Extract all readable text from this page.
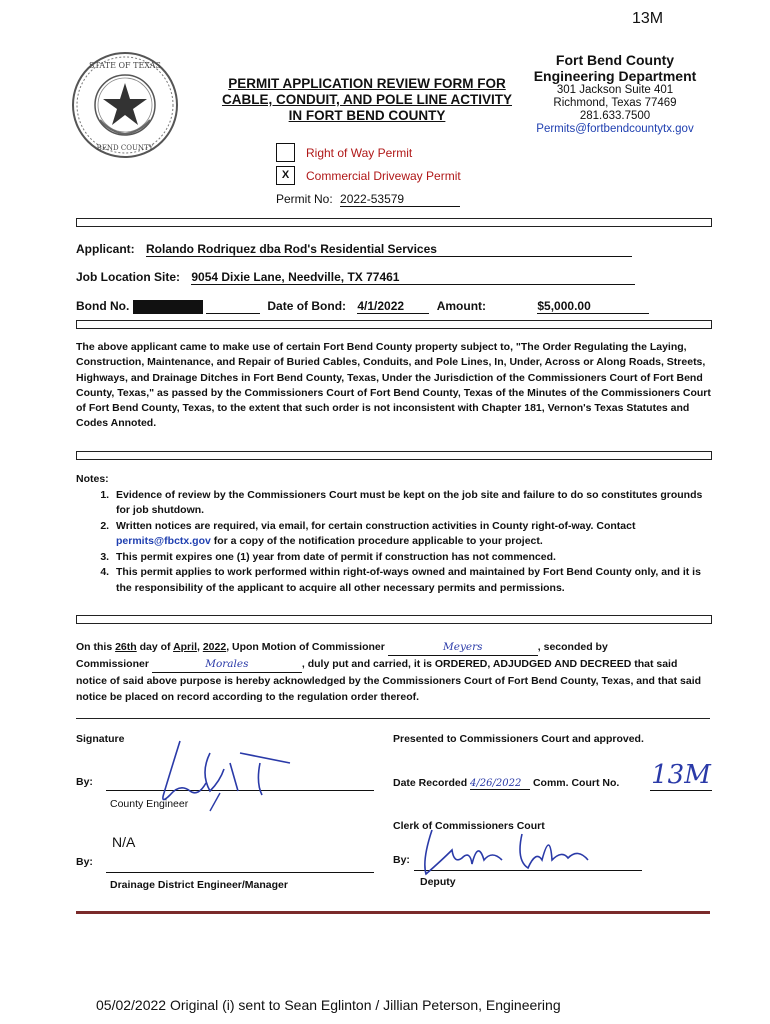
13M
STATE OF TEXAS
BEND COUNTY
PERMIT APPLICATION REVIEW FORM FOR
CABLE, CONDUIT, AND POLE LINE ACTIVITY
IN FORT BEND COUNTY
Fort Bend County
Engineering Department
301 Jackson Suite 401
Richmond, Texas 77469
281.633.7500
Permits@fortbendcountytx.gov
Right of Way Permit
X	Commercial Driveway Permit
Permit No: 2022-53579
Applicant: Rolando Rodriquez dba Rod's Residential Services
Job Location Site: 9054 Dixie Lane, Needville, TX 77461
Bond No.	Date of Bond: 4/1/2022	Amount:	$5,000.00
The above applicant came to make use of certain Fort Bend County property subject to, "The Order Regulating the Laying, Construction, Maintenance, and Repair of Buried Cables, Conduits, and Pole Lines, In, Under, Across or Along Roads, Streets, Highways, and Drainage Ditches in Fort Bend County, Texas, Under the Jurisdiction of the Commissioners Court of Fort Bend County, Texas," as passed by the Commissioners Court of Fort Bend County, Texas of the Minutes of the Commissioners Court of Fort Bend County, Texas, to the extent that such order is not inconsistent with Chapter 181, Vernon's Texas Statutes and Codes Annoted.
Notes:
1. Evidence of review by the Commissioners Court must be kept on the job site and failure to do so constitutes grounds for job shutdown.
2. Written notices are required, via email, for certain construction activities in County right-of-way. Contact permits@fbctx.gov for a copy of the notification procedure applicable to your project.
3. This permit expires one (1) year from date of permit if construction has not commenced.
4. This permit applies to work performed within right-of-ways owned and maintained by Fort Bend County only, and it is the responsibility of the applicant to acquire all other necessary permits and permissions.
On this 26th day of April, 2022, Upon Motion of Commissioner	Meyers	, seconded by
Commissioner	Morales	, duly put and carried, it is ORDERED, ADJUDGED AND DECREED that said notice of said above purpose is hereby acknowledged by the Commissioners Court of Fort Bend County, Texas, and that said notice be placed on record according to the regulation order thereof.
Signature
By:
County Engineer
N/A
By:
Drainage District Engineer/Manager
Presented to Commissioners Court and approved.
Date Recorded 4/26/2022 Comm. Court No. 13M
Clerk of Commissioners Court
By:
Deputy
05/02/2022 Original (i) sent to Sean Eglinton / Jillian Peterson, Engineering
